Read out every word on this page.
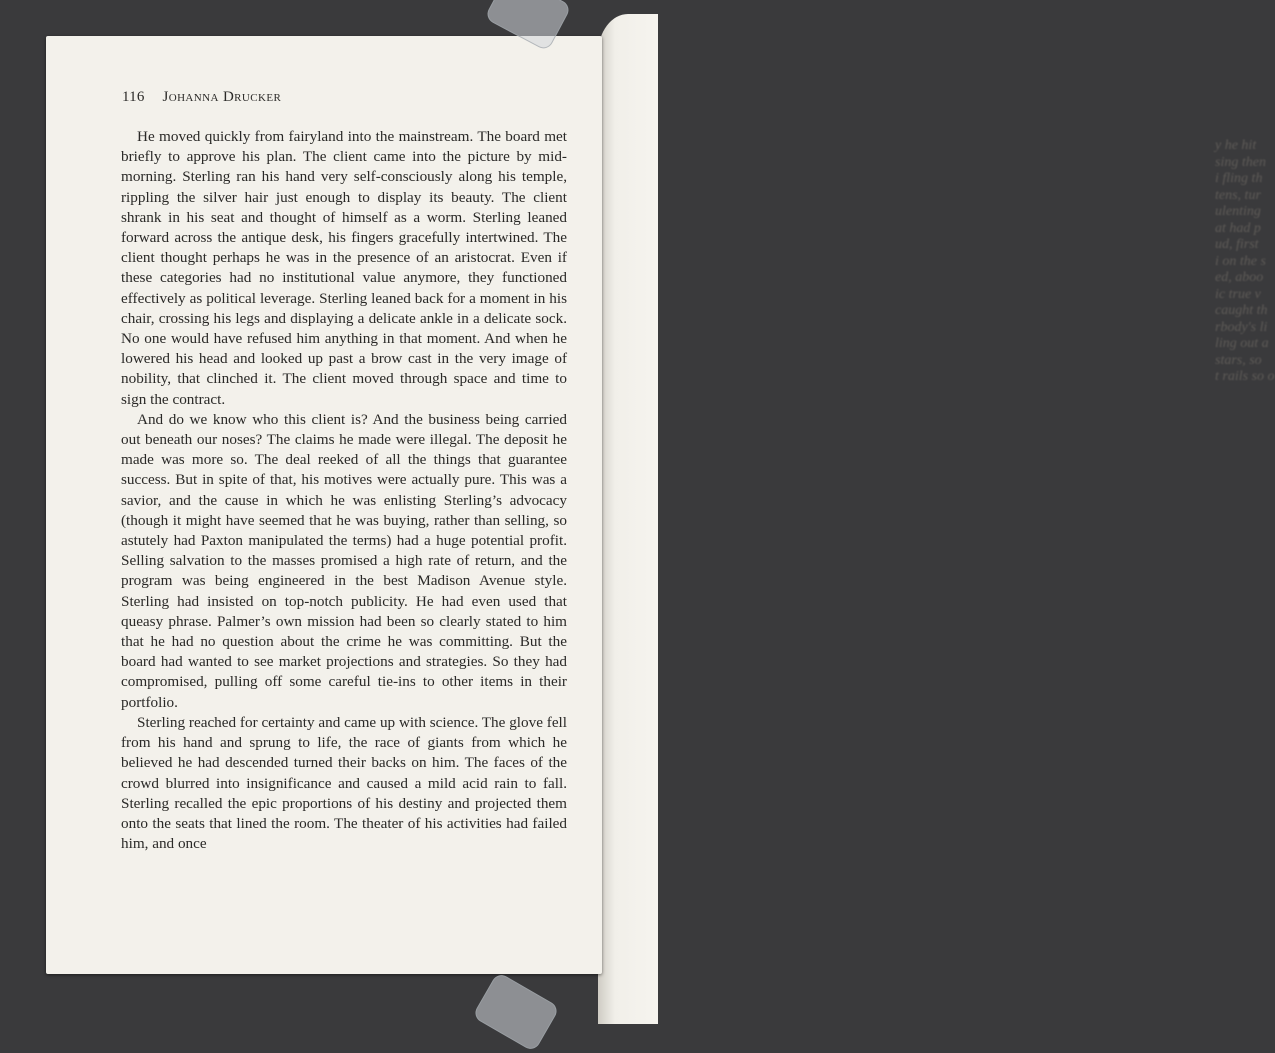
y he hit
sing then
i fling th
tens, tur
ulenting
at had p
ud, first
i on the s
ed, aboo
ic true v
caught th
rbody's li
ling out a
stars, so
t rails so o
116 Johanna Drucker

He moved quickly from fairyland into the mainstream. The board met briefly to approve his plan. The client came into the picture by mid-morning. Sterling ran his hand very self-consciously along his temple, rippling the silver hair just enough to display its beauty. The client shrank in his seat and thought of himself as a worm. Sterling leaned forward across the antique desk, his fingers gracefully intertwined. The client thought perhaps he was in the presence of an aristocrat. Even if these categories had no institutional value anymore, they functioned effectively as political leverage. Sterling leaned back for a moment in his chair, crossing his legs and displaying a delicate ankle in a delicate sock. No one would have refused him anything in that moment. And when he lowered his head and looked up past a brow cast in the very image of nobility, that clinched it. The client moved through space and time to sign the contract.

And do we know who this client is? And the business being carried out beneath our noses? The claims he made were illegal. The deposit he made was more so. The deal reeked of all the things that guarantee success. But in spite of that, his motives were actually pure. This was a savior, and the cause in which he was enlisting Sterling’s advocacy (though it might have seemed that he was buying, rather than selling, so astutely had Paxton manipulated the terms) had a huge potential profit. Selling salvation to the masses promised a high rate of return, and the program was being engineered in the best Madison Avenue style. Sterling had insisted on top-notch publicity. He had even used that queasy phrase. Palmer’s own mission had been so clearly stated to him that he had no question about the crime he was committing. But the board had wanted to see market projections and strategies. So they had compromised, pulling off some careful tie-ins to other items in their portfolio.

Sterling reached for certainty and came up with science. The glove fell from his hand and sprung to life, the race of giants from which he believed he had descended turned their backs on him. The faces of the crowd blurred into insignificance and caused a mild acid rain to fall. Sterling recalled the epic proportions of his destiny and projected them onto the seats that lined the room. The theater of his activities had failed him, and once
